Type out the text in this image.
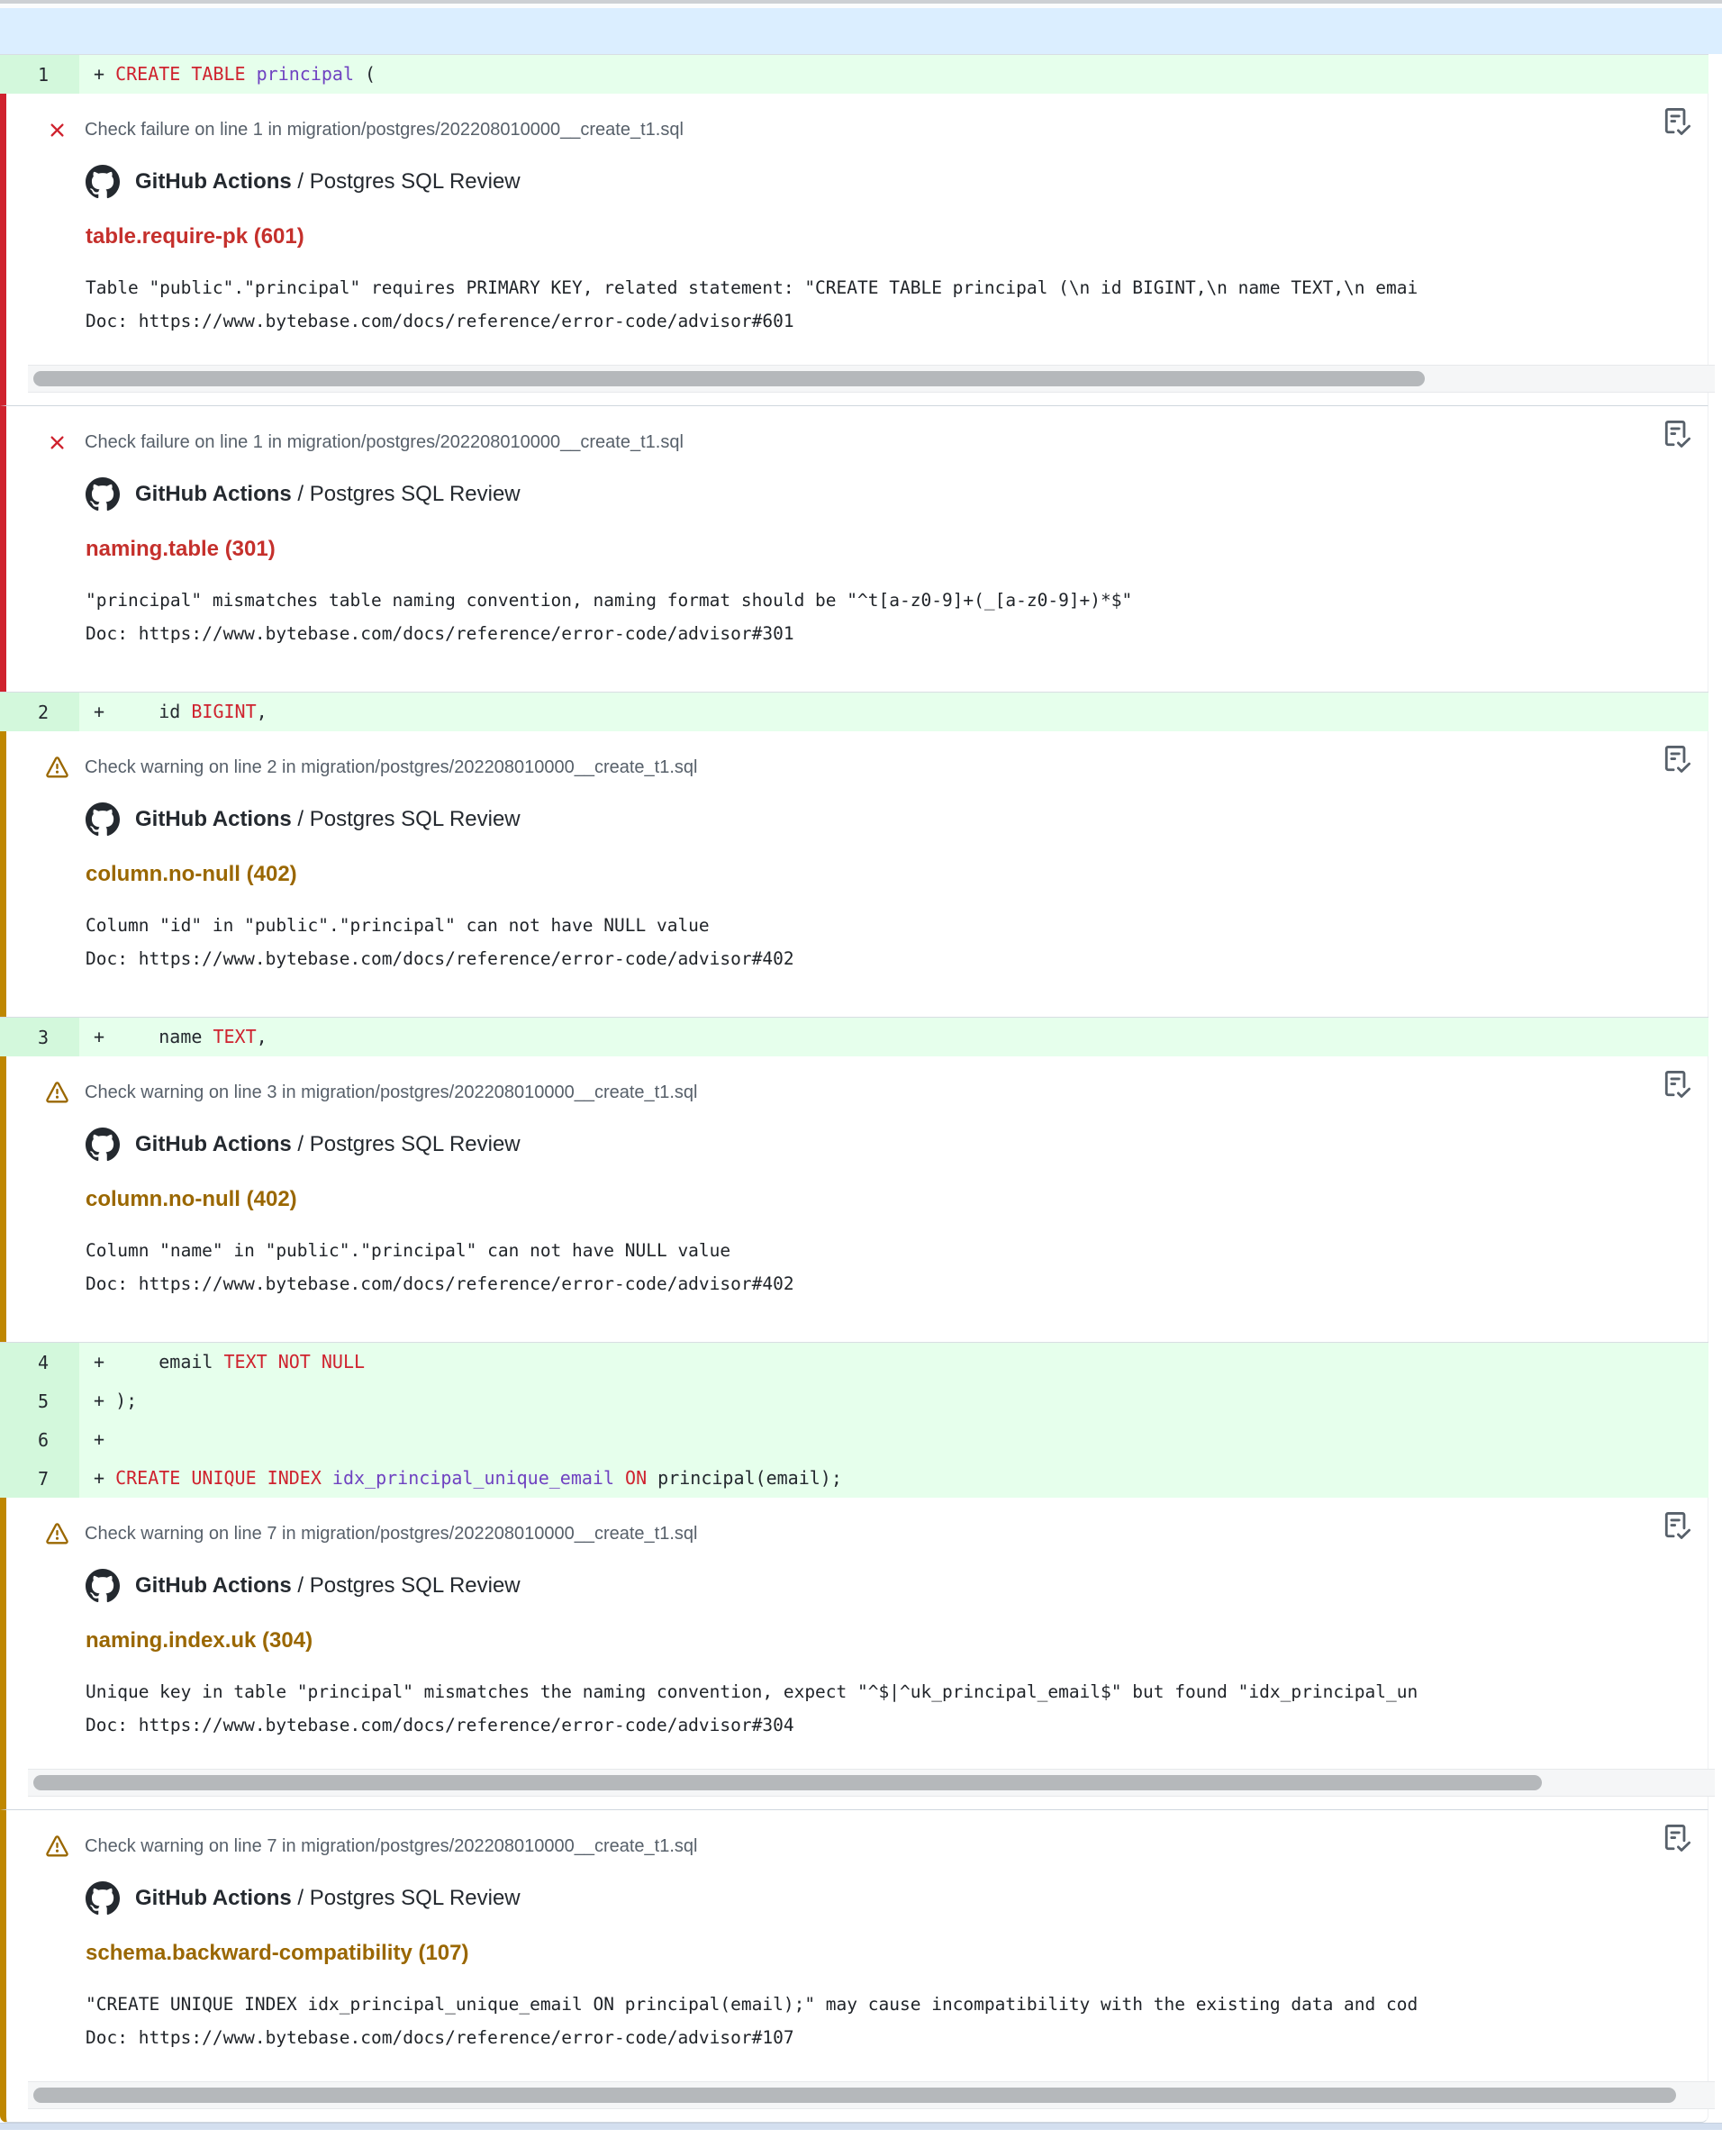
1	+ CREATE TABLE principal (
Check failure on line 1 in migration/postgres/202208010000__create_t1.sql
GitHub Actions / Postgres SQL Review
table.require-pk (601)
Table "public"."principal" requires PRIMARY KEY, related statement: "CREATE TABLE principal (\n id BIGINT,\n name TEXT,\n emai
Doc: https://www.bytebase.com/docs/reference/error-code/advisor#601
Check failure on line 1 in migration/postgres/202208010000__create_t1.sql
GitHub Actions / Postgres SQL Review
naming.table (301)
"principal" mismatches table naming convention, naming format should be "^t[a-z0-9]+(_[a-z0-9]+)*$"
Doc: https://www.bytebase.com/docs/reference/error-code/advisor#301
2	+     id BIGINT,
Check warning on line 2 in migration/postgres/202208010000__create_t1.sql
GitHub Actions / Postgres SQL Review
column.no-null (402)
Column "id" in "public"."principal" can not have NULL value
Doc: https://www.bytebase.com/docs/reference/error-code/advisor#402
3	+     name TEXT,
Check warning on line 3 in migration/postgres/202208010000__create_t1.sql
GitHub Actions / Postgres SQL Review
column.no-null (402)
Column "name" in "public"."principal" can not have NULL value
Doc: https://www.bytebase.com/docs/reference/error-code/advisor#402
4	+     email TEXT NOT NULL
5	+ );
6	+
7	+ CREATE UNIQUE INDEX idx_principal_unique_email ON principal(email);
Check warning on line 7 in migration/postgres/202208010000__create_t1.sql
GitHub Actions / Postgres SQL Review
naming.index.uk (304)
Unique key in table "principal" mismatches the naming convention, expect "^$|^uk_principal_email$" but found "idx_principal_un
Doc: https://www.bytebase.com/docs/reference/error-code/advisor#304
Check warning on line 7 in migration/postgres/202208010000__create_t1.sql
GitHub Actions / Postgres SQL Review
schema.backward-compatibility (107)
"CREATE UNIQUE INDEX idx_principal_unique_email ON principal(email);" may cause incompatibility with the existing data and cod
Doc: https://www.bytebase.com/docs/reference/error-code/advisor#107
